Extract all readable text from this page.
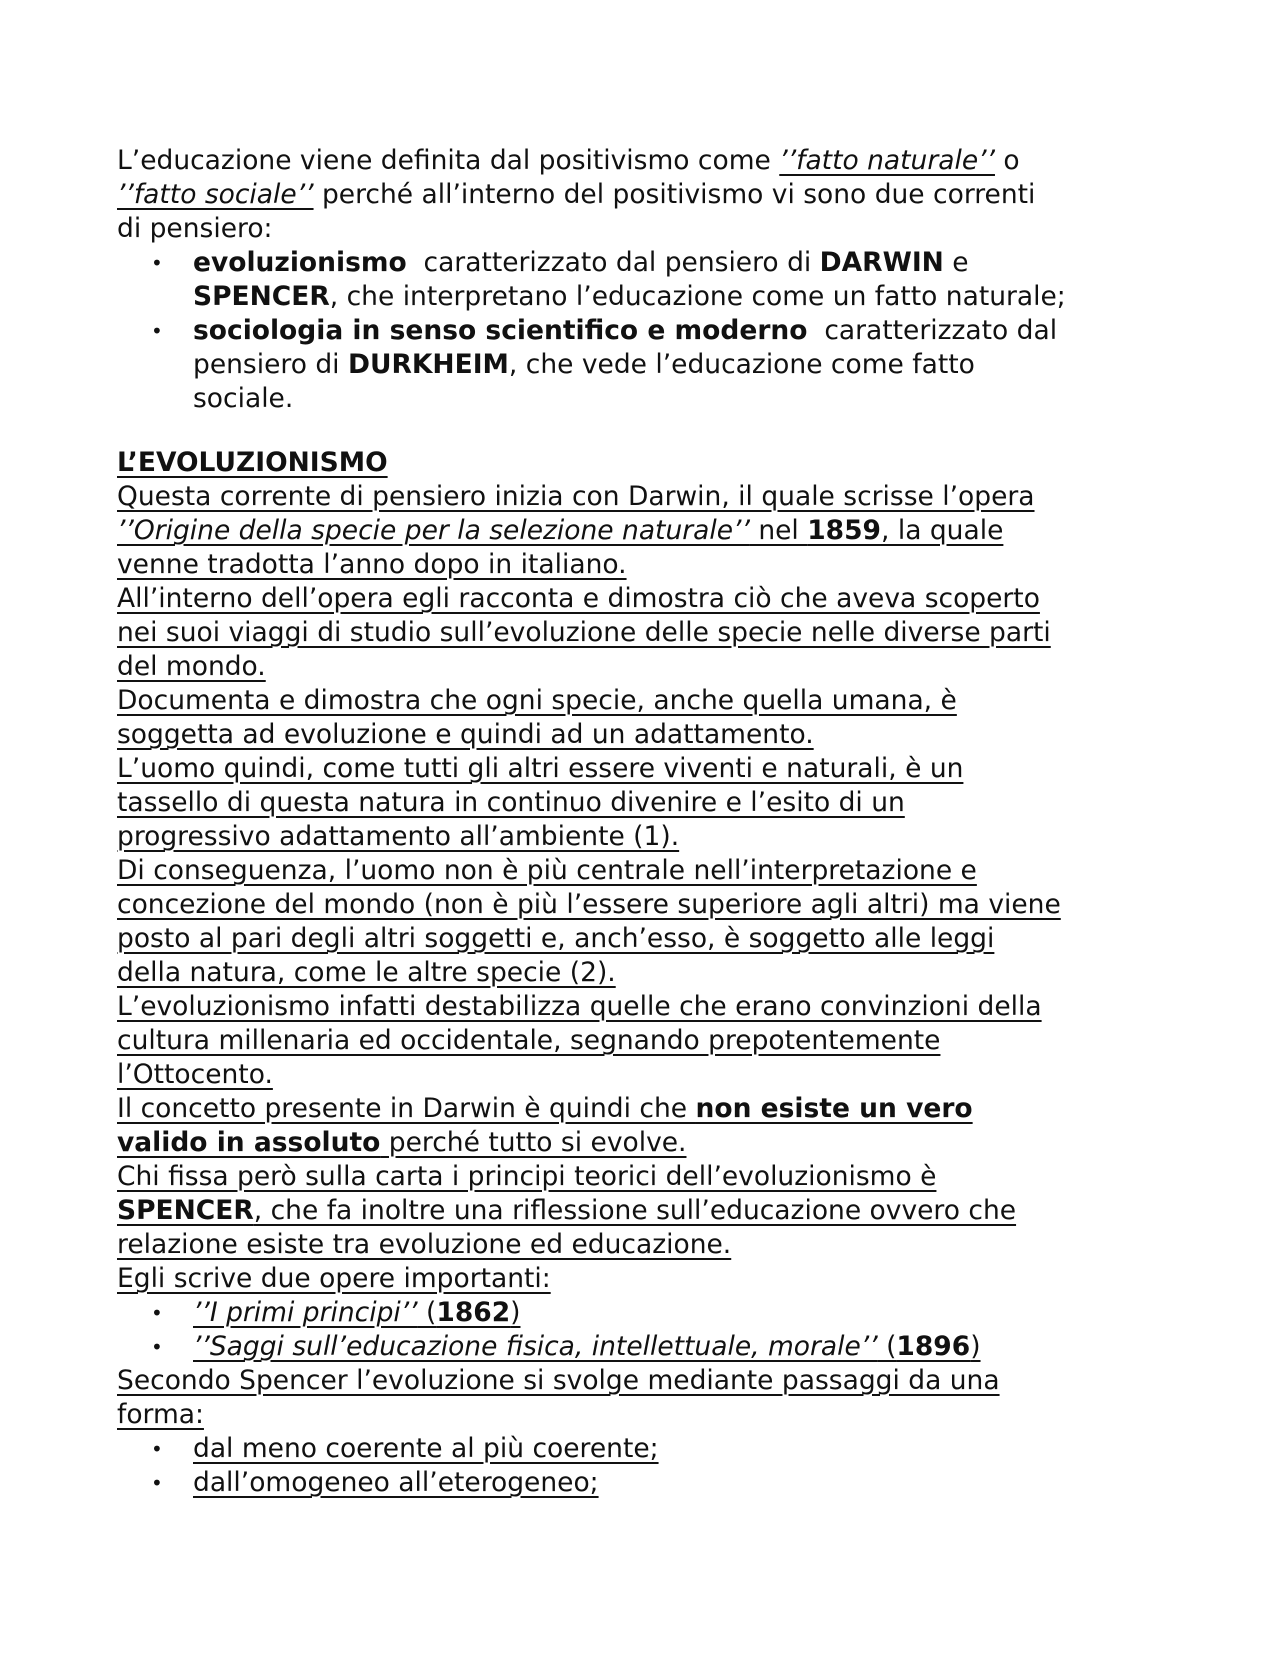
L’educazione viene definita dal positivismo come ’’fatto naturale’’ o
’’fatto sociale’’ perché all’interno del positivismo vi sono due correnti
di pensiero:
• evoluzionismo  caratterizzato dal pensiero di DARWIN e
SPENCER, che interpretano l’educazione come un fatto naturale;
• sociologia in senso scientifico e moderno  caratterizzato dal
pensiero di DURKHEIM, che vede l’educazione come fatto
sociale.
L’EVOLUZIONISMO
Questa corrente di pensiero inizia con Darwin, il quale scrisse l’opera
’’Origine della specie per la selezione naturale’’ nel 1859, la quale
venne tradotta l’anno dopo in italiano.
All’interno dell’opera egli racconta e dimostra ciò che aveva scoperto
nei suoi viaggi di studio sull’evoluzione delle specie nelle diverse parti
del mondo.
Documenta e dimostra che ogni specie, anche quella umana, è
soggetta ad evoluzione e quindi ad un adattamento.
L’uomo quindi, come tutti gli altri essere viventi e naturali, è un
tassello di questa natura in continuo divenire e l’esito di un
progressivo adattamento all’ambiente (1).
Di conseguenza, l’uomo non è più centrale nell’interpretazione e
concezione del mondo (non è più l’essere superiore agli altri) ma viene
posto al pari degli altri soggetti e, anch’esso, è soggetto alle leggi
della natura, come le altre specie (2).
L’evoluzionismo infatti destabilizza quelle che erano convinzioni della
cultura millenaria ed occidentale, segnando prepotentemente
l’Ottocento.
Il concetto presente in Darwin è quindi che non esiste un vero
valido in assoluto perché tutto si evolve.
Chi fissa però sulla carta i principi teorici dell’evoluzionismo è
SPENCER, che fa inoltre una riflessione sull’educazione ovvero che
relazione esiste tra evoluzione ed educazione.
Egli scrive due opere importanti:
• ’’I primi principi’’ (1862)
• ’’Saggi sull’educazione fisica, intellettuale, morale’’ (1896)
Secondo Spencer l’evoluzione si svolge mediante passaggi da una
forma:
• dal meno coerente al più coerente;
• dall’omogeneo all’eterogeneo;
